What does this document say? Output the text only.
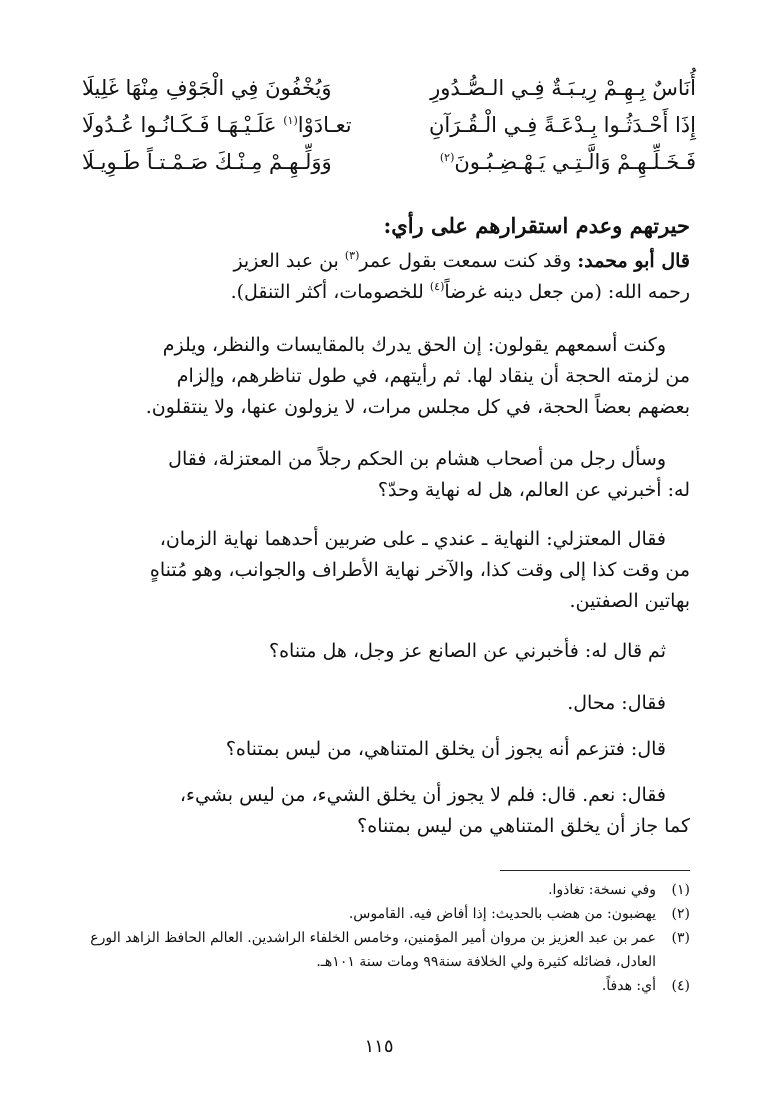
أُنَاسٌ بِـهِـمْ رِيـبَـةٌ فِـي الـصُّـدُورِ
وَيُخْفُونَ فِي الْجَوْفِ مِنْهَا غَلِيلَا
إِذَا أَحْـدَثُـوا بِـدْعَـةً فِـي الْـقُـرَآنِ
تعـادَوْا$^{(١)}$ عَلَـيْـهَـا فَـكَـانُـوا عُـدُولَا
فَـخَـلِّـهِـمْ وَالَّـتِـي يَـهْـضِـبُـونَ$^{(٢)}$
وَوَلِّـهِـمْ مِـنْـكَ صَـمْـتـاً طَـوِيـلَا
حيرتهم وعدم استقرارهم على رأي:
قال أبو محمد: وقد كنت سمعت بقول عمر$^{(٣)}$ بن عبد العزيز
رحمه الله: (من جعل دينه غرضاً$^{(٤)}$ للخصومات، أكثر التنقل).
وكنت أسمعهم يقولون: إن الحق يدرك بالمقايسات والنظر، ويلزم
من لزمته الحجة أن ينقاد لها. ثم رأيتهم، في طول تناظرهم، وإلزام
بعضهم بعضاً الحجة، في كل مجلس مرات، لا يزولون عنها، ولا ينتقلون.
وسأل رجل من أصحاب هشام بن الحكم رجلاً من المعتزلة، فقال
له: أخبرني عن العالم، هل له نهاية وحدّ؟
فقال المعتزلي: النهاية ـ عندي ـ على ضربين أحدهما نهاية الزمان،
من وقت كذا إلى وقت كذا، والآخر نهاية الأطراف والجوانب، وهو مُتناهٍ
بهاتين الصفتين.
ثم قال له: فأخبرني عن الصانع عز وجل، هل متناه؟
فقال: محال.
قال: فتزعم أنه يجوز أن يخلق المتناهي، من ليس بمتناه؟
فقال: نعم. قال: فلم لا يجوز أن يخلق الشيء، من ليس بشيء،
كما جاز أن يخلق المتناهي من ليس بمتناه؟
(١)
وفي نسخة: تغاذوا.
(٢)
يهضبون: من هضب بالحديث: إذا أفاض فيه. القاموس.
(٣)
عمر بن عبد العزيز بن مروان أمير المؤمنين، وخامس الخلفاء الراشدين. العالم الحافظ الزاهد الورع العادل، فضائله كثيرة ولي الخلافة سنة٩٩ ومات سنة ١٠١هـ.
(٤)
أي: هدفاً.
١١٥
